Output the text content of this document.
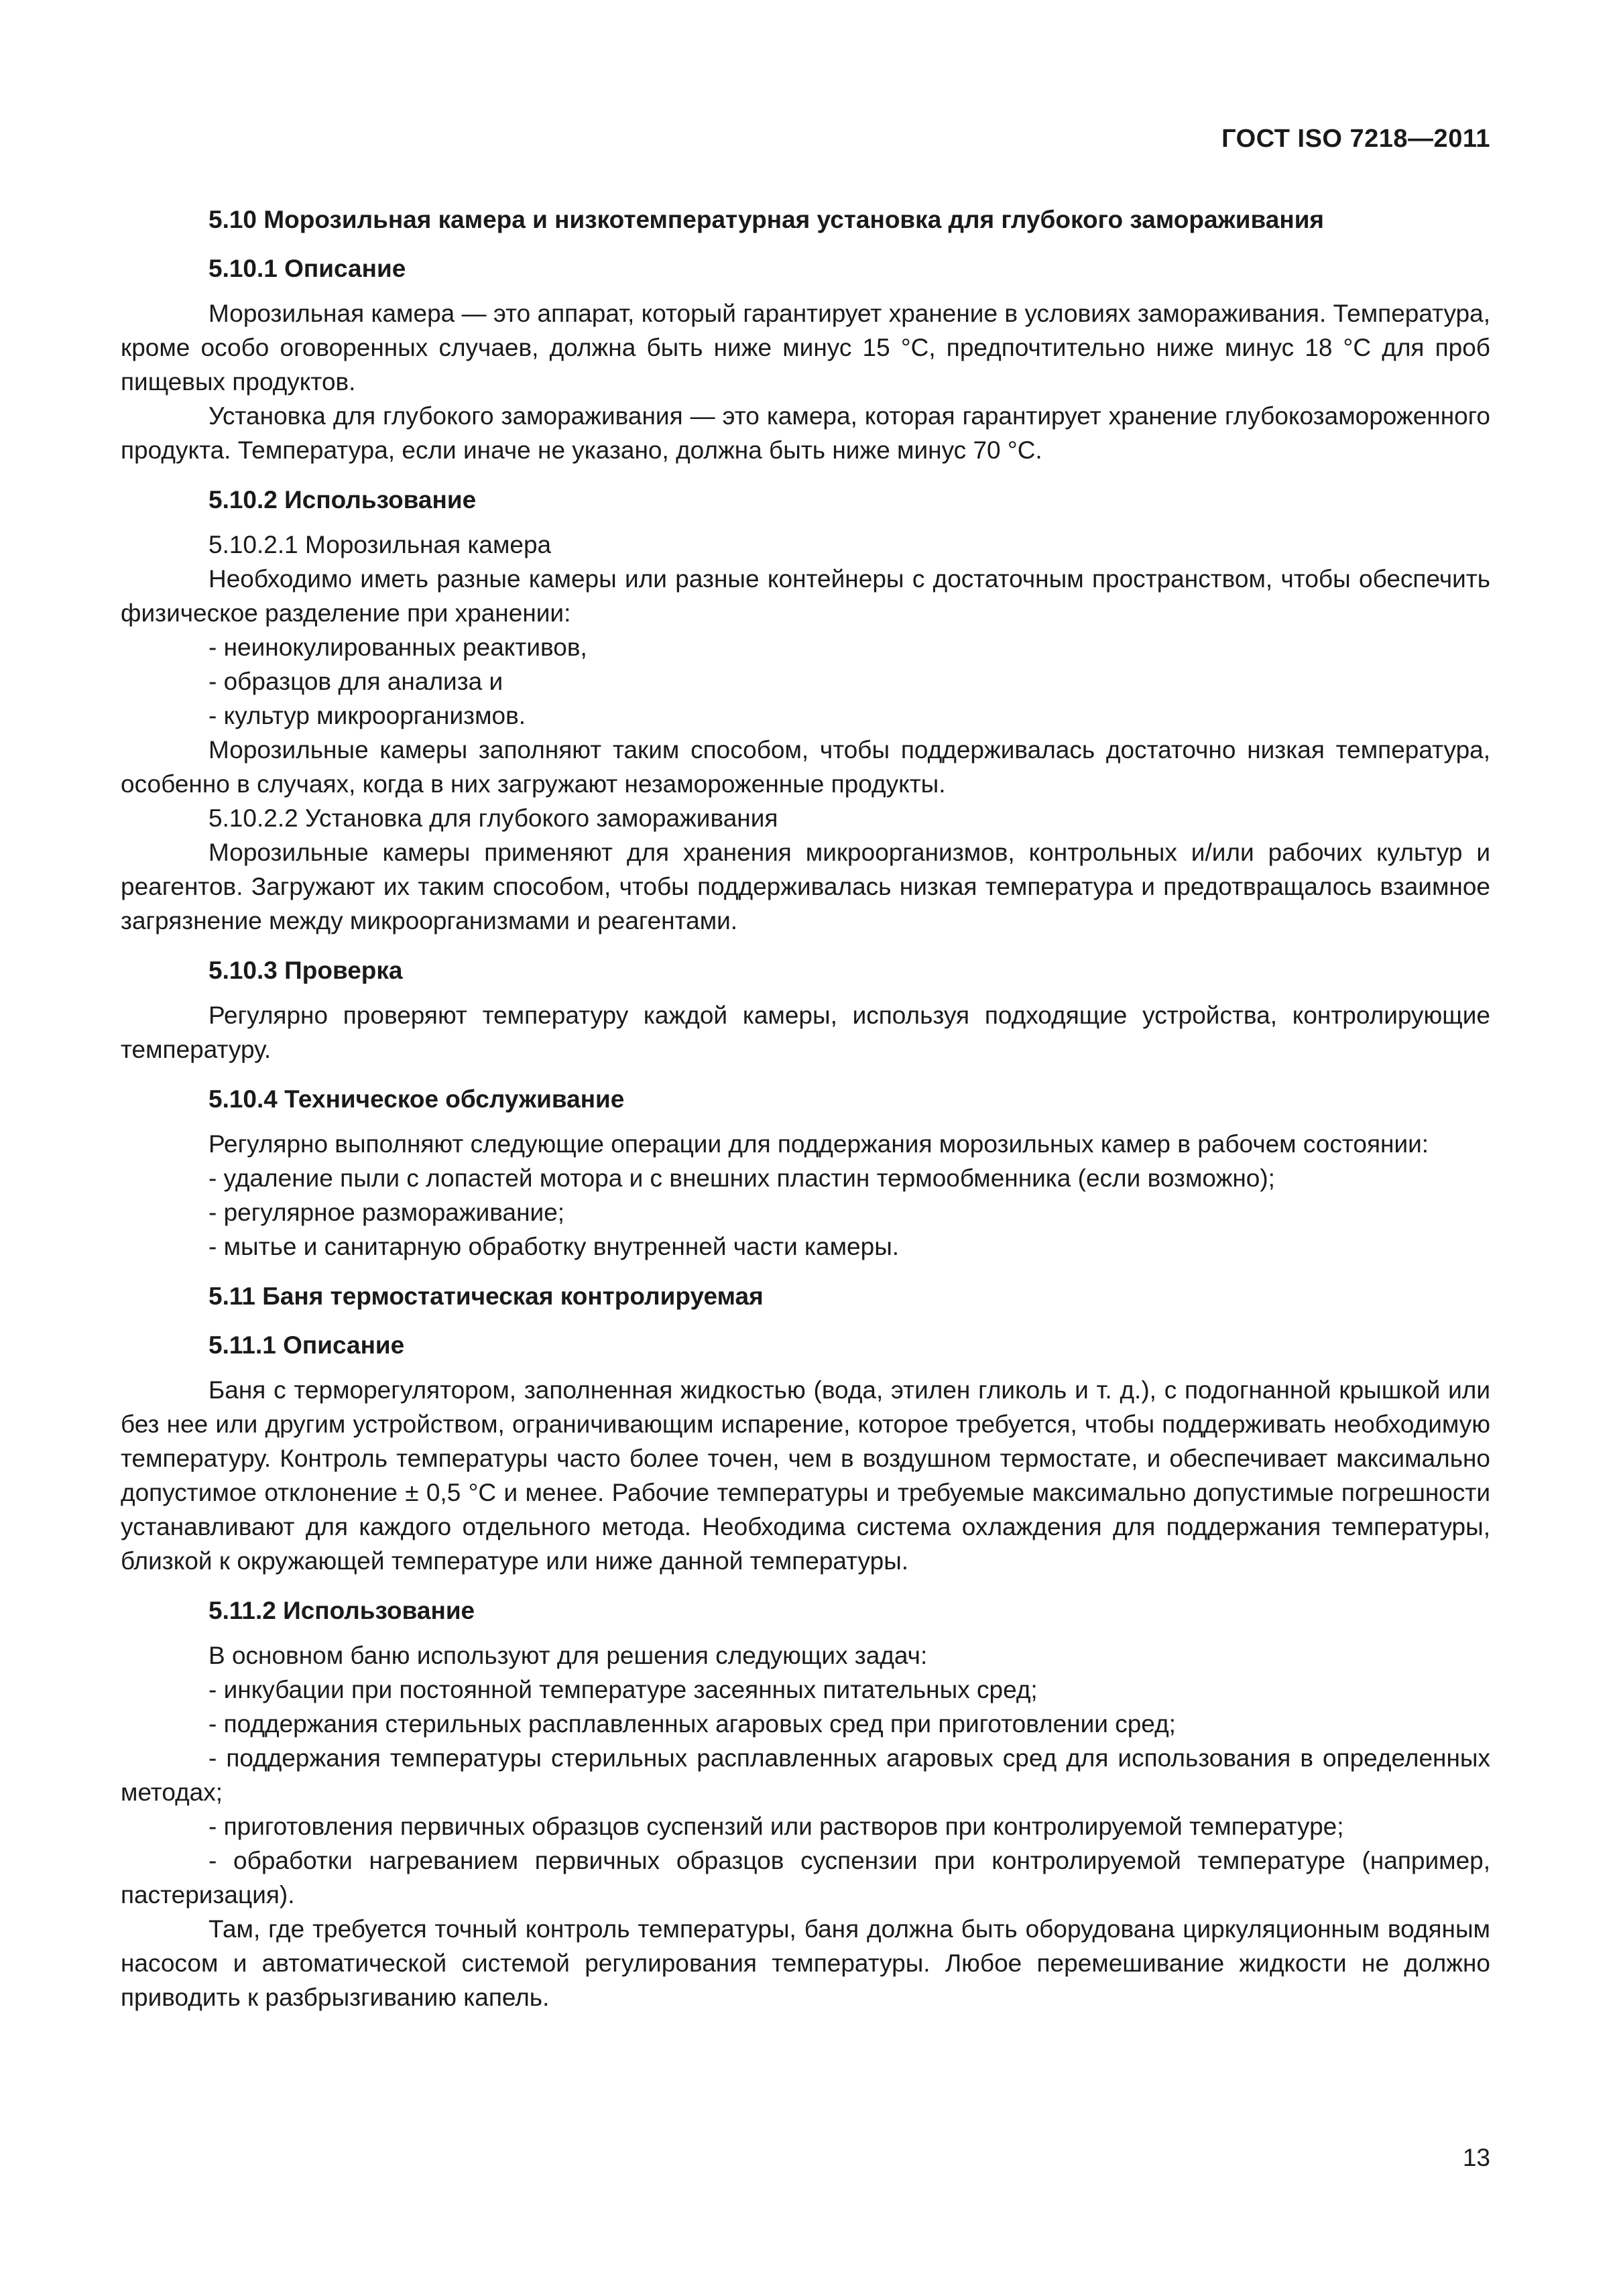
ГОСТ ISO 7218—2011

5.10 Морозильная камера и низкотемпературная установка для глубокого замораживания

5.10.1 Описание

Морозильная камера — это аппарат, который гарантирует хранение в условиях замораживания. Температура, кроме особо оговоренных случаев, должна быть ниже минус 15 °С, предпочтительно ниже минус 18 °С для проб пищевых продуктов.

Установка для глубокого замораживания — это камера, которая гарантирует хранение глубокозамороженного продукта. Температура, если иначе не указано, должна быть ниже минус 70 °С.

5.10.2 Использование

5.10.2.1 Морозильная камера

Необходимо иметь разные камеры или разные контейнеры с достаточным пространством, чтобы обеспечить физическое разделение при хранении:

- неинокулированных реактивов,

- образцов для анализа и

- культур микроорганизмов.

Морозильные камеры заполняют таким способом, чтобы поддерживалась достаточно низкая температура, особенно в случаях, когда в них загружают незамороженные продукты.

5.10.2.2 Установка для глубокого замораживания

Морозильные камеры применяют для хранения микроорганизмов, контрольных и/или рабочих культур и реагентов. Загружают их таким способом, чтобы поддерживалась низкая температура и предотвращалось взаимное загрязнение между микроорганизмами и реагентами.

5.10.3 Проверка

Регулярно проверяют температуру каждой камеры, используя подходящие устройства, контролирующие температуру.

5.10.4 Техническое обслуживание

Регулярно выполняют следующие операции для поддержания морозильных камер в рабочем состоянии:

- удаление пыли с лопастей мотора и с внешних пластин термообменника (если возможно);

- регулярное размораживание;

- мытье и санитарную обработку внутренней части камеры.

5.11 Баня термостатическая контролируемая

5.11.1 Описание

Баня с терморегулятором, заполненная жидкостью (вода, этилен гликоль и т. д.), с подогнанной крышкой или без нее или другим устройством, ограничивающим испарение, которое требуется, чтобы поддерживать необходимую температуру. Контроль температуры часто более точен, чем в воздушном термостате, и обеспечивает максимально допустимое отклонение ± 0,5 °С и менее. Рабочие температуры и требуемые максимально допустимые погрешности устанавливают для каждого отдельного метода. Необходима система охлаждения для поддержания температуры, близкой к окружающей температуре или ниже данной температуры.

5.11.2 Использование

В основном баню используют для решения следующих задач:

- инкубации при постоянной температуре засеянных питательных сред;

- поддержания стерильных расплавленных агаровых сред при приготовлении сред;

- поддержания температуры стерильных расплавленных агаровых сред для использования в определенных методах;

- приготовления первичных образцов суспензий или растворов при контролируемой температуре;

- обработки нагреванием первичных образцов суспензии при контролируемой температуре (например, пастеризация).

Там, где требуется точный контроль температуры, баня должна быть оборудована циркуляционным водяным насосом и автоматической системой регулирования температуры. Любое перемешивание жидкости не должно приводить к разбрызгиванию капель.

13
